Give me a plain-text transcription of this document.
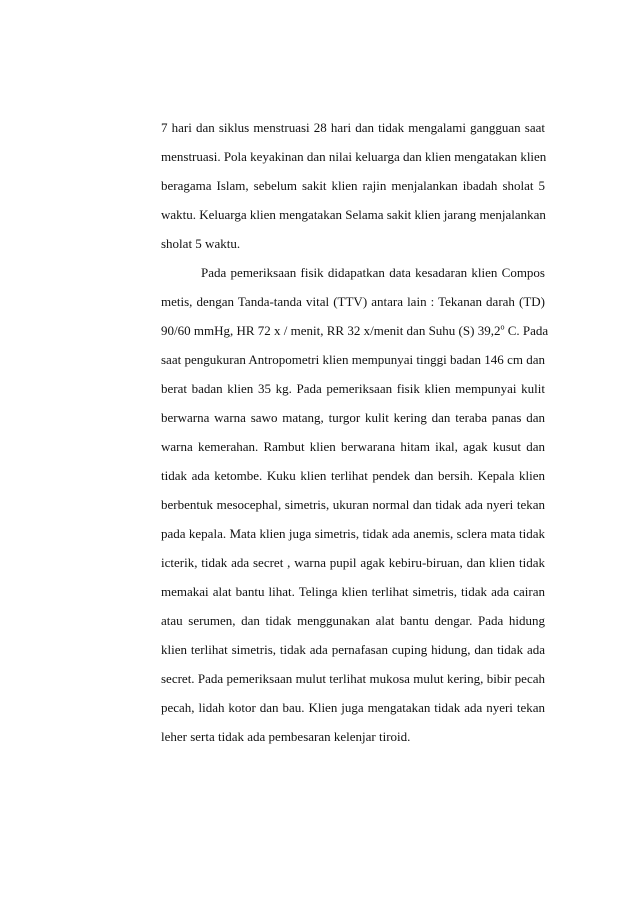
7 hari dan siklus menstruasi 28 hari dan tidak mengalami gangguan saat
menstruasi. Pola keyakinan dan nilai keluarga dan klien mengatakan klien
beragama Islam, sebelum sakit klien rajin menjalankan ibadah sholat 5
waktu. Keluarga klien mengatakan Selama sakit klien jarang menjalankan
sholat 5 waktu.
Pada pemeriksaan fisik didapatkan data kesadaran klien Compos
metis, dengan Tanda-tanda vital (TTV) antara lain : Tekanan darah (TD)
90/60 mmHg, HR 72 x / menit, RR 32 x/menit dan Suhu (S) 39,2$^o$ C. Pada
saat pengukuran Antropometri klien mempunyai tinggi badan 146 cm dan
berat badan klien 35 kg. Pada pemeriksaan fisik klien mempunyai kulit
berwarna warna sawo matang, turgor kulit kering dan teraba panas dan
warna kemerahan. Rambut klien berwarana hitam ikal, agak kusut dan
tidak ada ketombe. Kuku klien terlihat pendek dan bersih. Kepala klien
berbentuk mesocephal, simetris, ukuran normal dan tidak ada nyeri tekan
pada kepala. Mata klien juga simetris, tidak ada anemis, sclera mata tidak
icterik, tidak ada secret , warna pupil agak kebiru-biruan, dan klien tidak
memakai alat bantu lihat. Telinga klien terlihat simetris, tidak ada cairan
atau serumen, dan tidak menggunakan alat bantu dengar. Pada hidung
klien terlihat simetris, tidak ada pernafasan cuping hidung, dan tidak ada
secret. Pada pemeriksaan mulut terlihat mukosa mulut kering, bibir pecah
pecah, lidah kotor dan bau. Klien juga mengatakan tidak ada nyeri tekan
leher serta tidak ada pembesaran kelenjar tiroid.
